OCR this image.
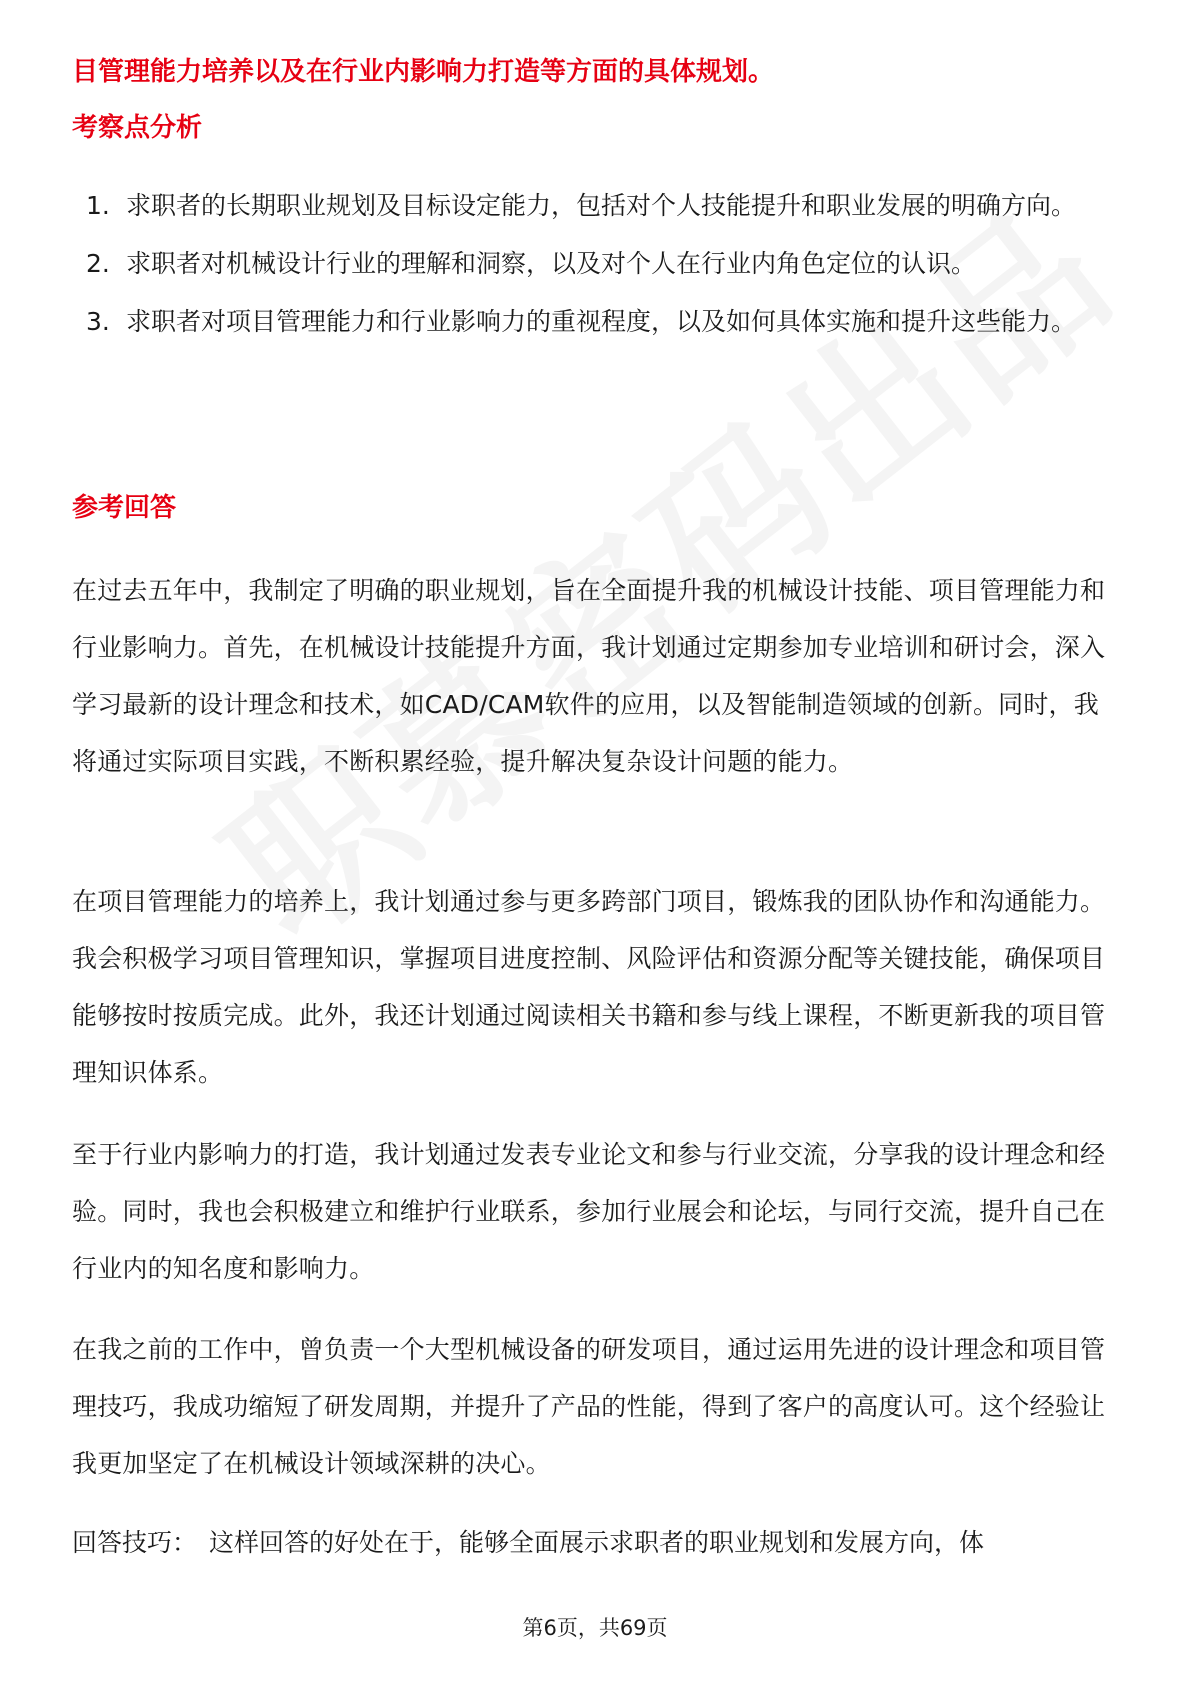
目管理能力培养以及在行业内影响力打造等方面的具体规划。

考察点分析

1. 求职者的长期职业规划及目标设定能力，包括对个人技能提升和职业发展的明确方向。
2. 求职者对机械设计行业的理解和洞察，以及对个人在行业内角色定位的认识。
3. 求职者对项目管理能力和行业影响力的重视程度，以及如何具体实施和提升这些能力。

参考回答

在过去五年中，我制定了明确的职业规划，旨在全面提升我的机械设计技能、项目管理能力和行业影响力。首先，在机械设计技能提升方面，我计划通过定期参加专业培训和研讨会，深入学习最新的设计理念和技术，如CAD/CAM软件的应用，以及智能制造领域的创新。同时，我将通过实际项目实践，不断积累经验，提升解决复杂设计问题的能力。

在项目管理能力的培养上，我计划通过参与更多跨部门项目，锻炼我的团队协作和沟通能力。我会积极学习项目管理知识，掌握项目进度控制、风险评估和资源分配等关键技能，确保项目能够按时按质完成。此外，我还计划通过阅读相关书籍和参与线上课程，不断更新我的项目管理知识体系。

至于行业内影响力的打造，我计划通过发表专业论文和参与行业交流，分享我的设计理念和经验。同时，我也会积极建立和维护行业联系，参加行业展会和论坛，与同行交流，提升自己在行业内的知名度和影响力。

在我之前的工作中，曾负责一个大型机械设备的研发项目，通过运用先进的设计理念和项目管理技巧，我成功缩短了研发周期，并提升了产品的性能，得到了客户的高度认可。这个经验让我更加坚定了在机械设计领域深耕的决心。

回答技巧： 这样回答的好处在于，能够全面展示求职者的职业规划和发展方向，体

第6页，共69页
